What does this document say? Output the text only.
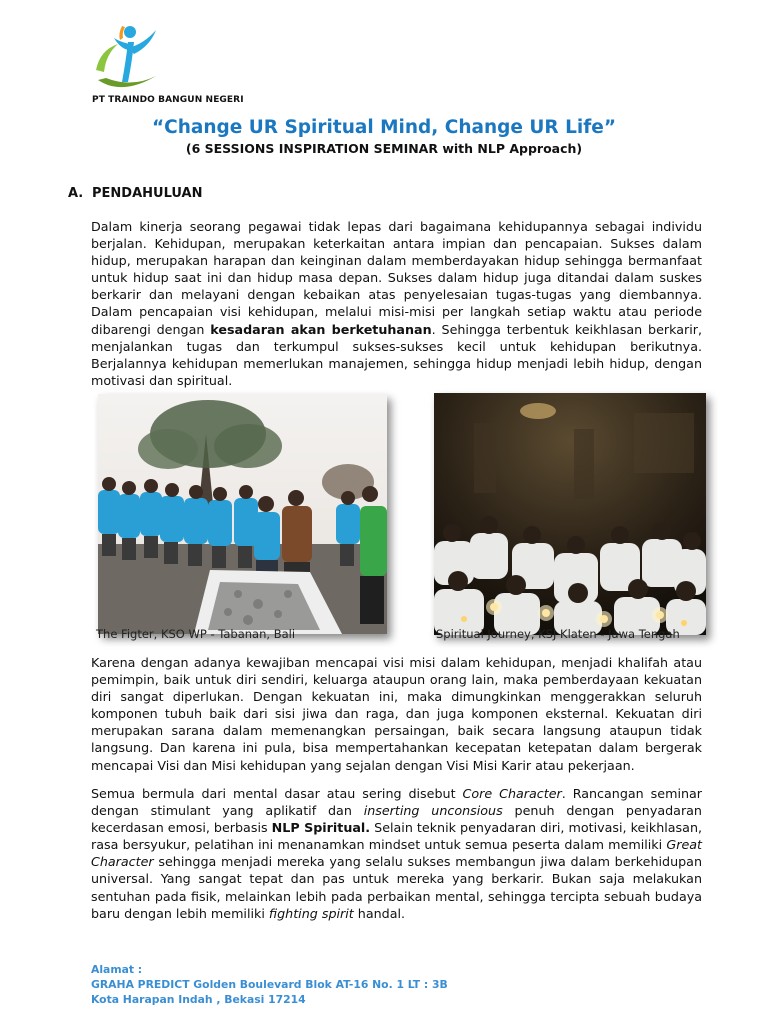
PT TRAINDO BANGUN NEGERI
“Change UR Spiritual Mind, Change UR Life”
(6 SESSIONS INSPIRATION SEMINAR with NLP Approach)
A. PENDAHULUAN

Dalam kinerja seorang pegawai tidak lepas dari bagaimana kehidupannya sebagai individu berjalan. Kehidupan, merupakan keterkaitan antara impian dan pencapaian. Sukses dalam hidup, merupakan harapan dan keinginan dalam memberdayakan hidup sehingga bermanfaat untuk hidup saat ini dan hidup masa depan. Sukses dalam hidup juga ditandai dalam suskes berkarir dan melayani dengan kebaikan atas penyelesaian tugas-tugas yang diembannya. Dalam pencapaian visi kehidupan, melalui misi-misi per langkah setiap waktu atau periode dibarengi dengan kesadaran akan berketuhanan. Sehingga terbentuk keikhlasan berkarir, menjalankan tugas dan terkumpul sukses-sukses kecil untuk kehidupan berikutnya. Berjalannya kehidupan memerlukan manajemen, sehingga hidup menjadi lebih hidup, dengan motivasi dan spiritual.

The Figter, KSO WP - Tabanan, Bali	Spiritual Journey, KSJ Klaten - Jawa Tengah

Karena dengan adanya kewajiban mencapai visi misi dalam kehidupan, menjadi khalifah atau pemimpin, baik untuk diri sendiri, keluarga ataupun orang lain, maka pemberdayaan kekuatan diri sangat diperlukan. Dengan kekuatan ini, maka dimungkinkan menggerakkan seluruh komponen tubuh baik dari sisi jiwa dan raga, dan juga komponen eksternal. Kekuatan diri merupakan sarana dalam memenangkan persaingan, baik secara langsung ataupun tidak langsung. Dan karena ini pula, bisa mempertahankan kecepatan ketepatan dalam bergerak mencapai Visi dan Misi kehidupan yang sejalan dengan Visi Misi Karir atau pekerjaan.

Semua bermula dari mental dasar atau sering disebut Core Character. Rancangan seminar dengan stimulant yang aplikatif dan inserting unconsious penuh dengan penyadaran kecerdasan emosi, berbasis NLP Spiritual. Selain teknik penyadaran diri, motivasi, keikhlasan, rasa bersyukur, pelatihan ini menanamkan mindset untuk semua peserta dalam memiliki Great Character sehingga menjadi mereka yang selalu sukses membangun jiwa dalam berkehidupan universal. Yang sangat tepat dan pas untuk mereka yang berkarir. Bukan saja melakukan sentuhan pada fisik, melainkan lebih pada perbaikan mental, sehingga tercipta sebuah budaya baru dengan lebih memiliki fighting spirit handal.

Alamat :
GRAHA PREDICT Golden Boulevard Blok AT-16 No. 1 LT : 3B
Kota Harapan Indah , Bekasi 17214
